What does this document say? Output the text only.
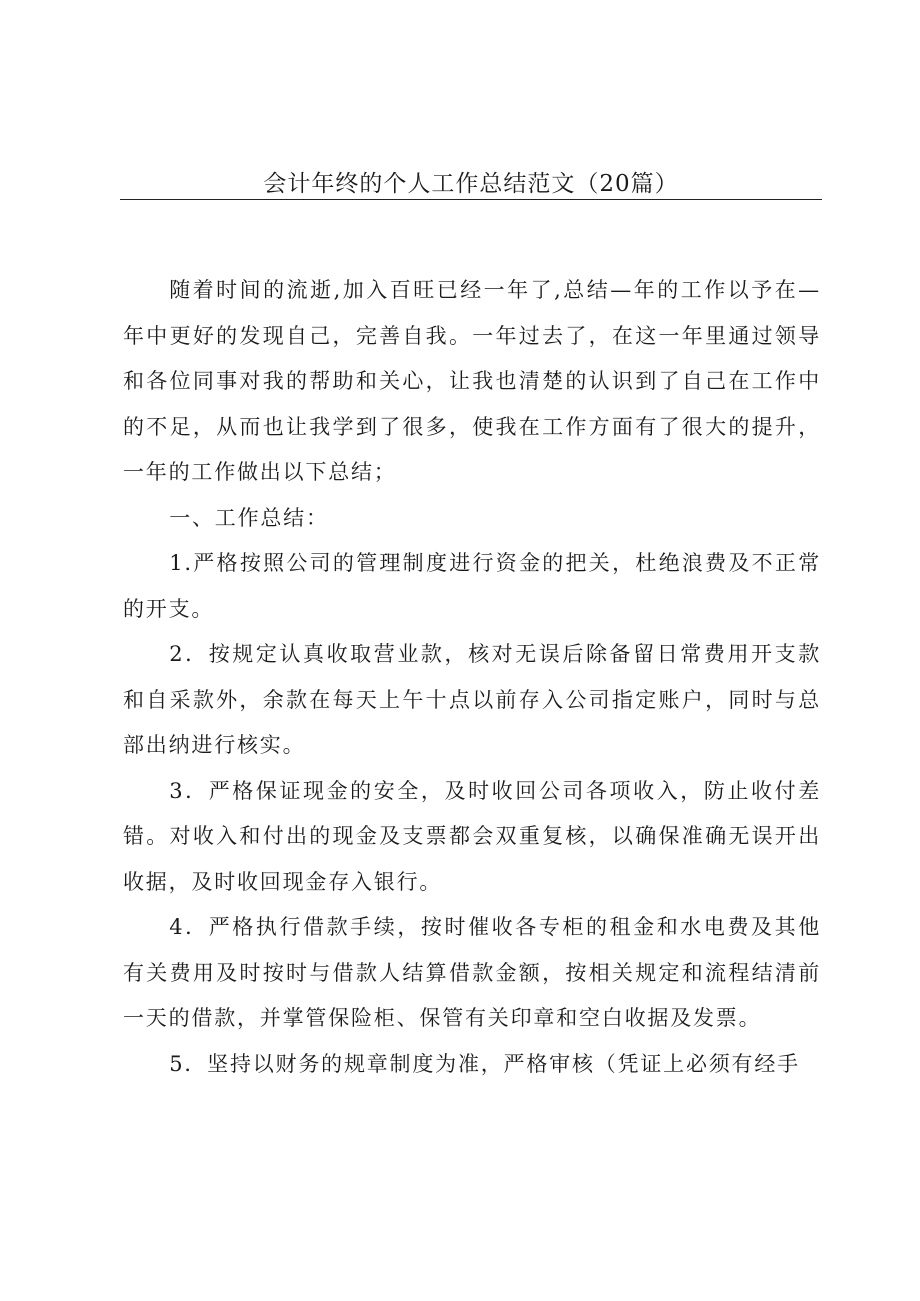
会计年终的个人工作总结范文（20篇）

随着时间的流逝,加入百旺已经一年了,总结—年的工作以予在—年中更好的发现自己，完善自我。一年过去了，在这一年里通过领导和各位同事对我的帮助和关心，让我也清楚的认识到了自己在工作中的不足，从而也让我学到了很多，使我在工作方面有了很大的提升，一年的工作做出以下总结；

一、工作总结：

1.严格按照公司的管理制度进行资金的把关，杜绝浪费及不正常的开支。

2．按规定认真收取营业款，核对无误后除备留日常费用开支款和自采款外，余款在每天上午十点以前存入公司指定账户，同时与总部出纳进行核实。

3．严格保证现金的安全，及时收回公司各项收入，防止收付差错。对收入和付出的现金及支票都会双重复核，以确保准确无误开出收据，及时收回现金存入银行。

4．严格执行借款手续，按时催收各专柜的租金和水电费及其他有关费用及时按时与借款人结算借款金额，按相关规定和流程结清前一天的借款，并掌管保险柜、保管有关印章和空白收据及发票。

5．坚持以财务的规章制度为准，严格审核（凭证上必须有经手
